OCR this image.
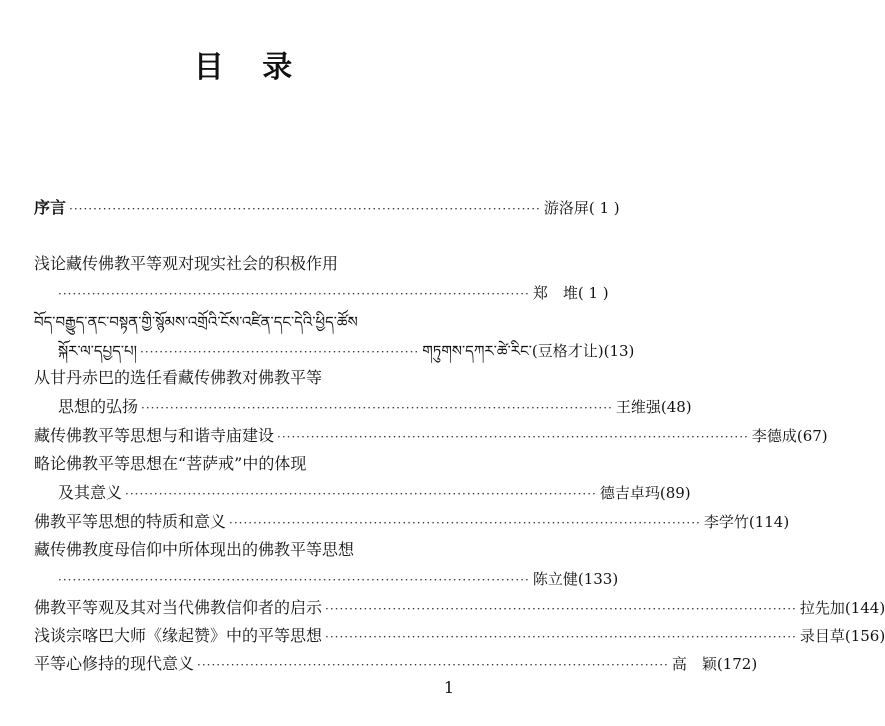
目 录
序言 ·································································································· 游洛屏 ( 1 )
浅论藏传佛教平等观对现实社会的积极作用
·································································································· 郑　堆 ( 1 )
བོད་བརྒྱུད་ནང་བསྟན་གྱི་སྙོམས་འགྲོའི་ངོས་འཛིན་དང་དེའི་ཕྱིད་ཚོས
སྐོར་ལ་དཔྱད་པ། ·························································· གཏུགས་དཀར་ཚེ་རིང་ (豆格才让)(13)
从甘丹赤巴的选任看藏传佛教对佛教平等
思想的弘扬 ·································································································· 王维强 (48)
藏传佛教平等思想与和谐寺庙建设 ·································································································· 李德成 (67)
略论佛教平等思想在“菩萨戒”中的体现
及其意义 ·································································································· 德吉卓玛 (89)
佛教平等思想的特质和意义 ·································································································· 李学竹 (114)
藏传佛教度母信仰中所体现出的佛教平等思想
·································································································· 陈立健 (133)
佛教平等观及其对当代佛教信仰者的启示 ·································································································· 拉先加 (144)
浅谈宗喀巴大师《缘起赞》中的平等思想 ·································································································· 录目草 (156)
平等心修持的现代意义 ·································································································· 高　颖 (172)
1
